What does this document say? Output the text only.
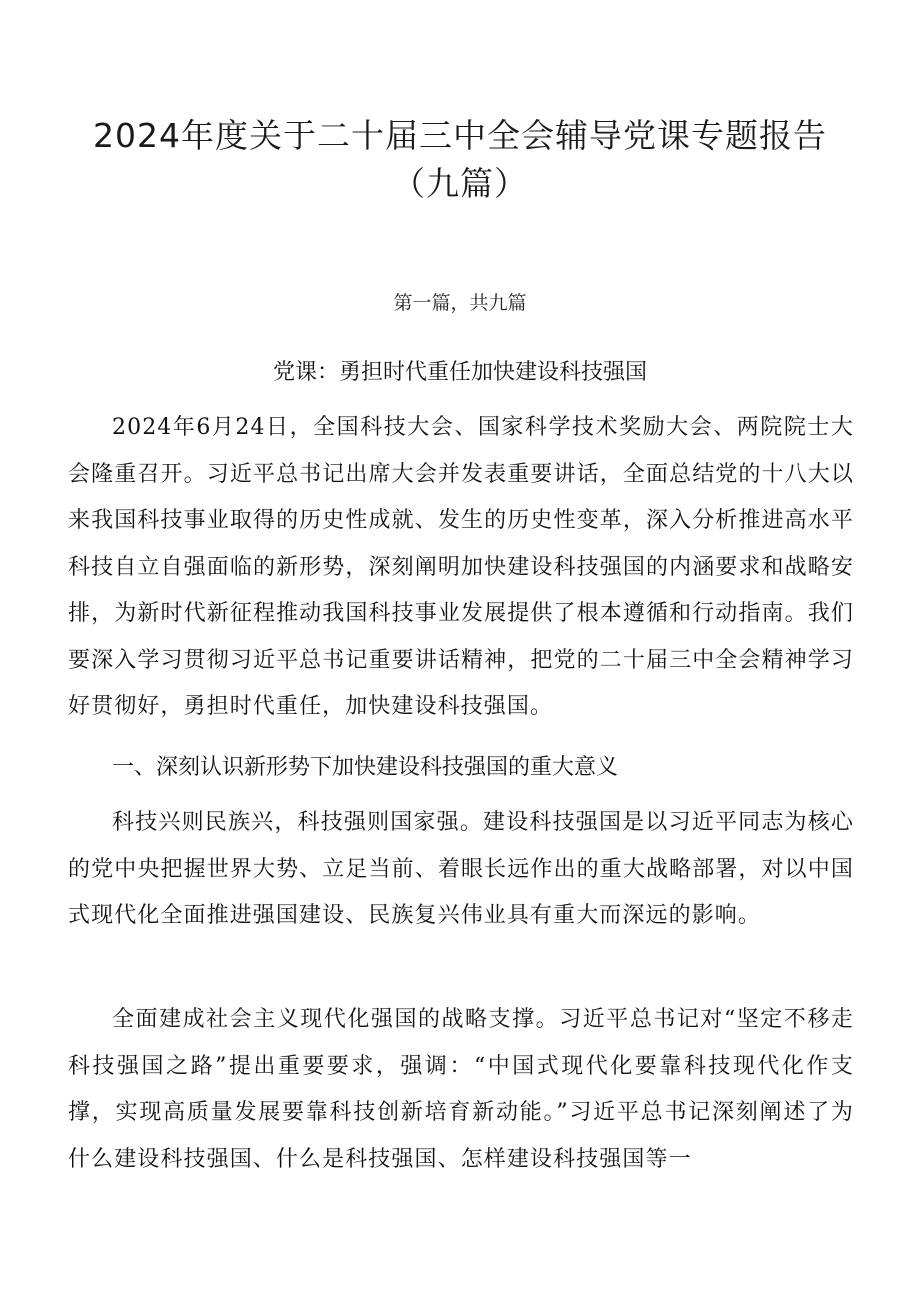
2024年度关于二十届三中全会辅导党课专题报告
（九篇）
第一篇，共九篇
党课：勇担时代重任加快建设科技强国
2024年6月24日，全国科技大会、国家科学技术奖励大会、两院院士大会隆重召开。习近平总书记出席大会并发表重要讲话，全面总结党的十八大以来我国科技事业取得的历史性成就、发生的历史性变革，深入分析推进高水平科技自立自强面临的新形势，深刻阐明加快建设科技强国的内涵要求和战略安排，为新时代新征程推动我国科技事业发展提供了根本遵循和行动指南。我们要深入学习贯彻习近平总书记重要讲话精神，把党的二十届三中全会精神学习好贯彻好，勇担时代重任，加快建设科技强国。
一、深刻认识新形势下加快建设科技强国的重大意义
科技兴则民族兴，科技强则国家强。建设科技强国是以习近平同志为核心的党中央把握世界大势、立足当前、着眼长远作出的重大战略部署，对以中国式现代化全面推进强国建设、民族复兴伟业具有重大而深远的影响。
全面建成社会主义现代化强国的战略支撑。习近平总书记对“坚定不移走科技强国之路”提出重要要求，强调：“中国式现代化要靠科技现代化作支撑，实现高质量发展要靠科技创新培育新动能。”习近平总书记深刻阐述了为什么建设科技强国、什么是科技强国、怎样建设科技强国等一
